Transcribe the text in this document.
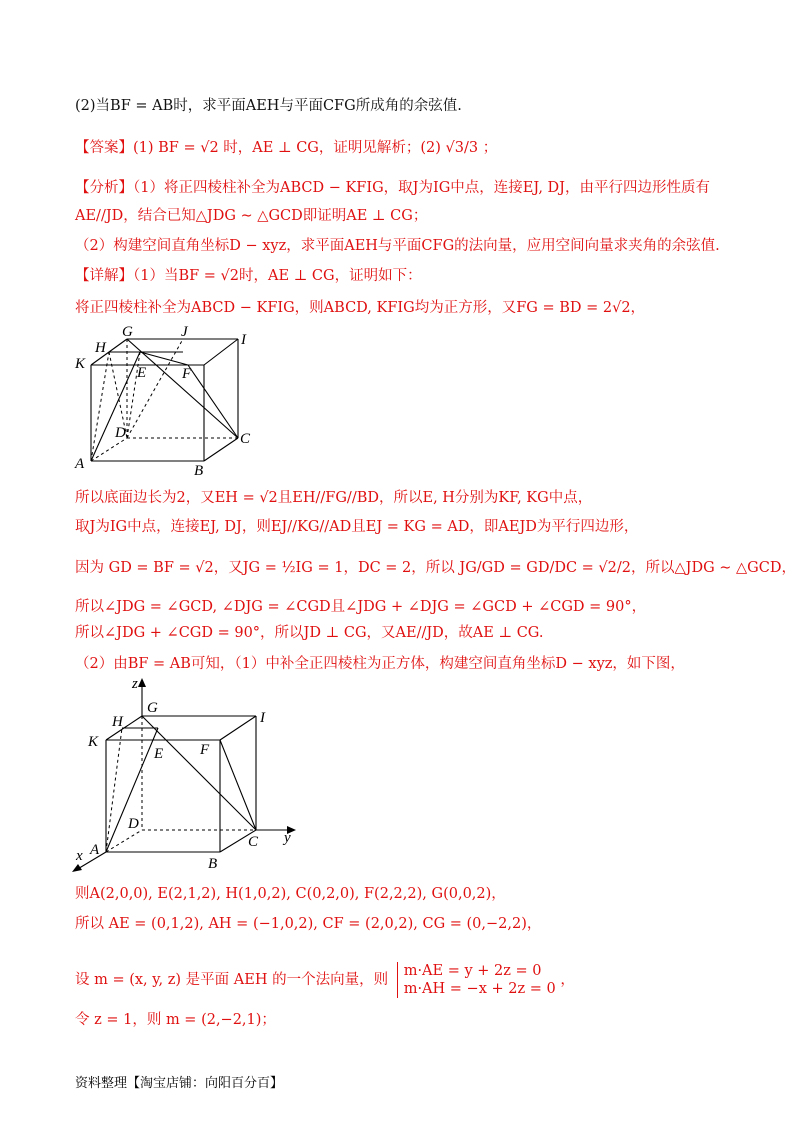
(2)当BF = AB时，求平面AEH与平面CFG所成角的余弦值.
【答案】(1) BF = √2 时，AE ⊥ CG，证明见解析；(2) √3/3 ；
【分析】（1）将正四棱柱补全为ABCD − KFIG，取J为IG中点，连接EJ, DJ，由平行四边形性质有
AE//JD，结合已知△JDG ∼ △GCD即证明AE ⊥ CG；
（2）构建空间直角坐标D − xyz，求平面AEH与平面CFG的法向量，应用空间向量求夹角的余弦值.
【详解】（1）当BF = √2时，AE ⊥ CG，证明如下：
将正四棱柱补全为ABCD − KFIG，则ABCD, KFIG均为正方形，又FG = BD = 2√2，
G	J
H	I
K
E F
D	C
A	B
所以底面边长为2，又EH = √2且EH//FG//BD，所以E, H分别为KF, KG中点，
取J为IG中点，连接EJ, DJ，则EJ//KG//AD且EJ = KG = AD，即AEJD为平行四边形，
因为 GD = BF = √2，又JG = ½IG = 1，DC = 2，所以 JG/GD = GD/DC = √2/2，所以△JDG ∼ △GCD，
所以∠JDG = ∠GCD, ∠DJG = ∠CGD且∠JDG + ∠DJG = ∠GCD + ∠CGD = 90°，
所以∠JDG + ∠CGD = 90°，所以JD ⊥ CG，又AE//JD，故AE ⊥ CG.
（2）由BF = AB可知，（1）中补全正四棱柱为正方体，构建空间直角坐标D − xyz，如下图，
z
G
I
H
K	F
E
D
C y
A
B
x
则A(2,0,0), E(2,1,2), H(1,0,2), C(0,2,0), F(2,2,2), G(0,0,2)，
所以 AE = (0,1,2), AH = (−1,0,2), CF = (2,0,2), CG = (0,−2,2)，
设 m = (x, y, z) 是平面 AEH 的一个法向量，则
m·AE = y + 2z = 0
m·AH = −x + 2z = 0
，
令 z = 1，则 m = (2,−2,1)；
资料整理【淘宝店铺：向阳百分百】
